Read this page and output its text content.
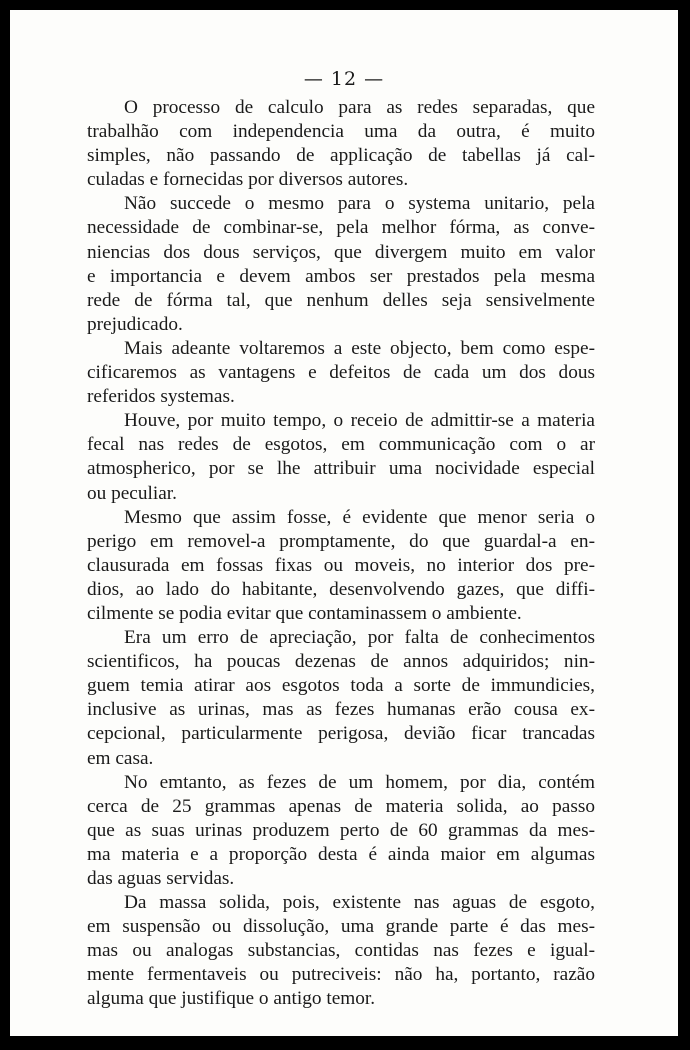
— 12 —
O processo de calculo para as redes separadas, que
trabalhão com independencia uma da outra, é muito
simples, não passando de applicação de tabellas já cal-
culadas e fornecidas por diversos autores.
Não succede o mesmo para o systema unitario, pela
necessidade de combinar-se, pela melhor fórma, as conve-
niencias dos dous serviços, que divergem muito em valor
e importancia e devem ambos ser prestados pela mesma
rede de fórma tal, que nenhum delles seja sensivelmente
prejudicado.
Mais adeante voltaremos a este objecto, bem como espe-
cificaremos as vantagens e defeitos de cada um dos dous
referidos systemas.
Houve, por muito tempo, o receio de admittir-se a materia
fecal nas redes de esgotos, em communicação com o ar
atmospherico, por se lhe attribuir uma nocividade especial
ou peculiar.
Mesmo que assim fosse, é evidente que menor seria o
perigo em removel-a promptamente, do que guardal-a en-
clausurada em fossas fixas ou moveis, no interior dos pre-
dios, ao lado do habitante, desenvolvendo gazes, que diffi-
cilmente se podia evitar que contaminassem o ambiente.
Era um erro de apreciação, por falta de conhecimentos
scientificos, ha poucas dezenas de annos adquiridos; nin-
guem temia atirar aos esgotos toda a sorte de immundicies,
inclusive as urinas, mas as fezes humanas erão cousa ex-
cepcional, particularmente perigosa, devião ficar trancadas
em casa.
No emtanto, as fezes de um homem, por dia, contém
cerca de 25 grammas apenas de materia solida, ao passo
que as suas urinas produzem perto de 60 grammas da mes-
ma materia e a proporção desta é ainda maior em algumas
das aguas servidas.
Da massa solida, pois, existente nas aguas de esgoto,
em suspensão ou dissolução, uma grande parte é das mes-
mas ou analogas substancias, contidas nas fezes e igual-
mente fermentaveis ou putreciveis: não ha, portanto, razão
alguma que justifique o antigo temor.
